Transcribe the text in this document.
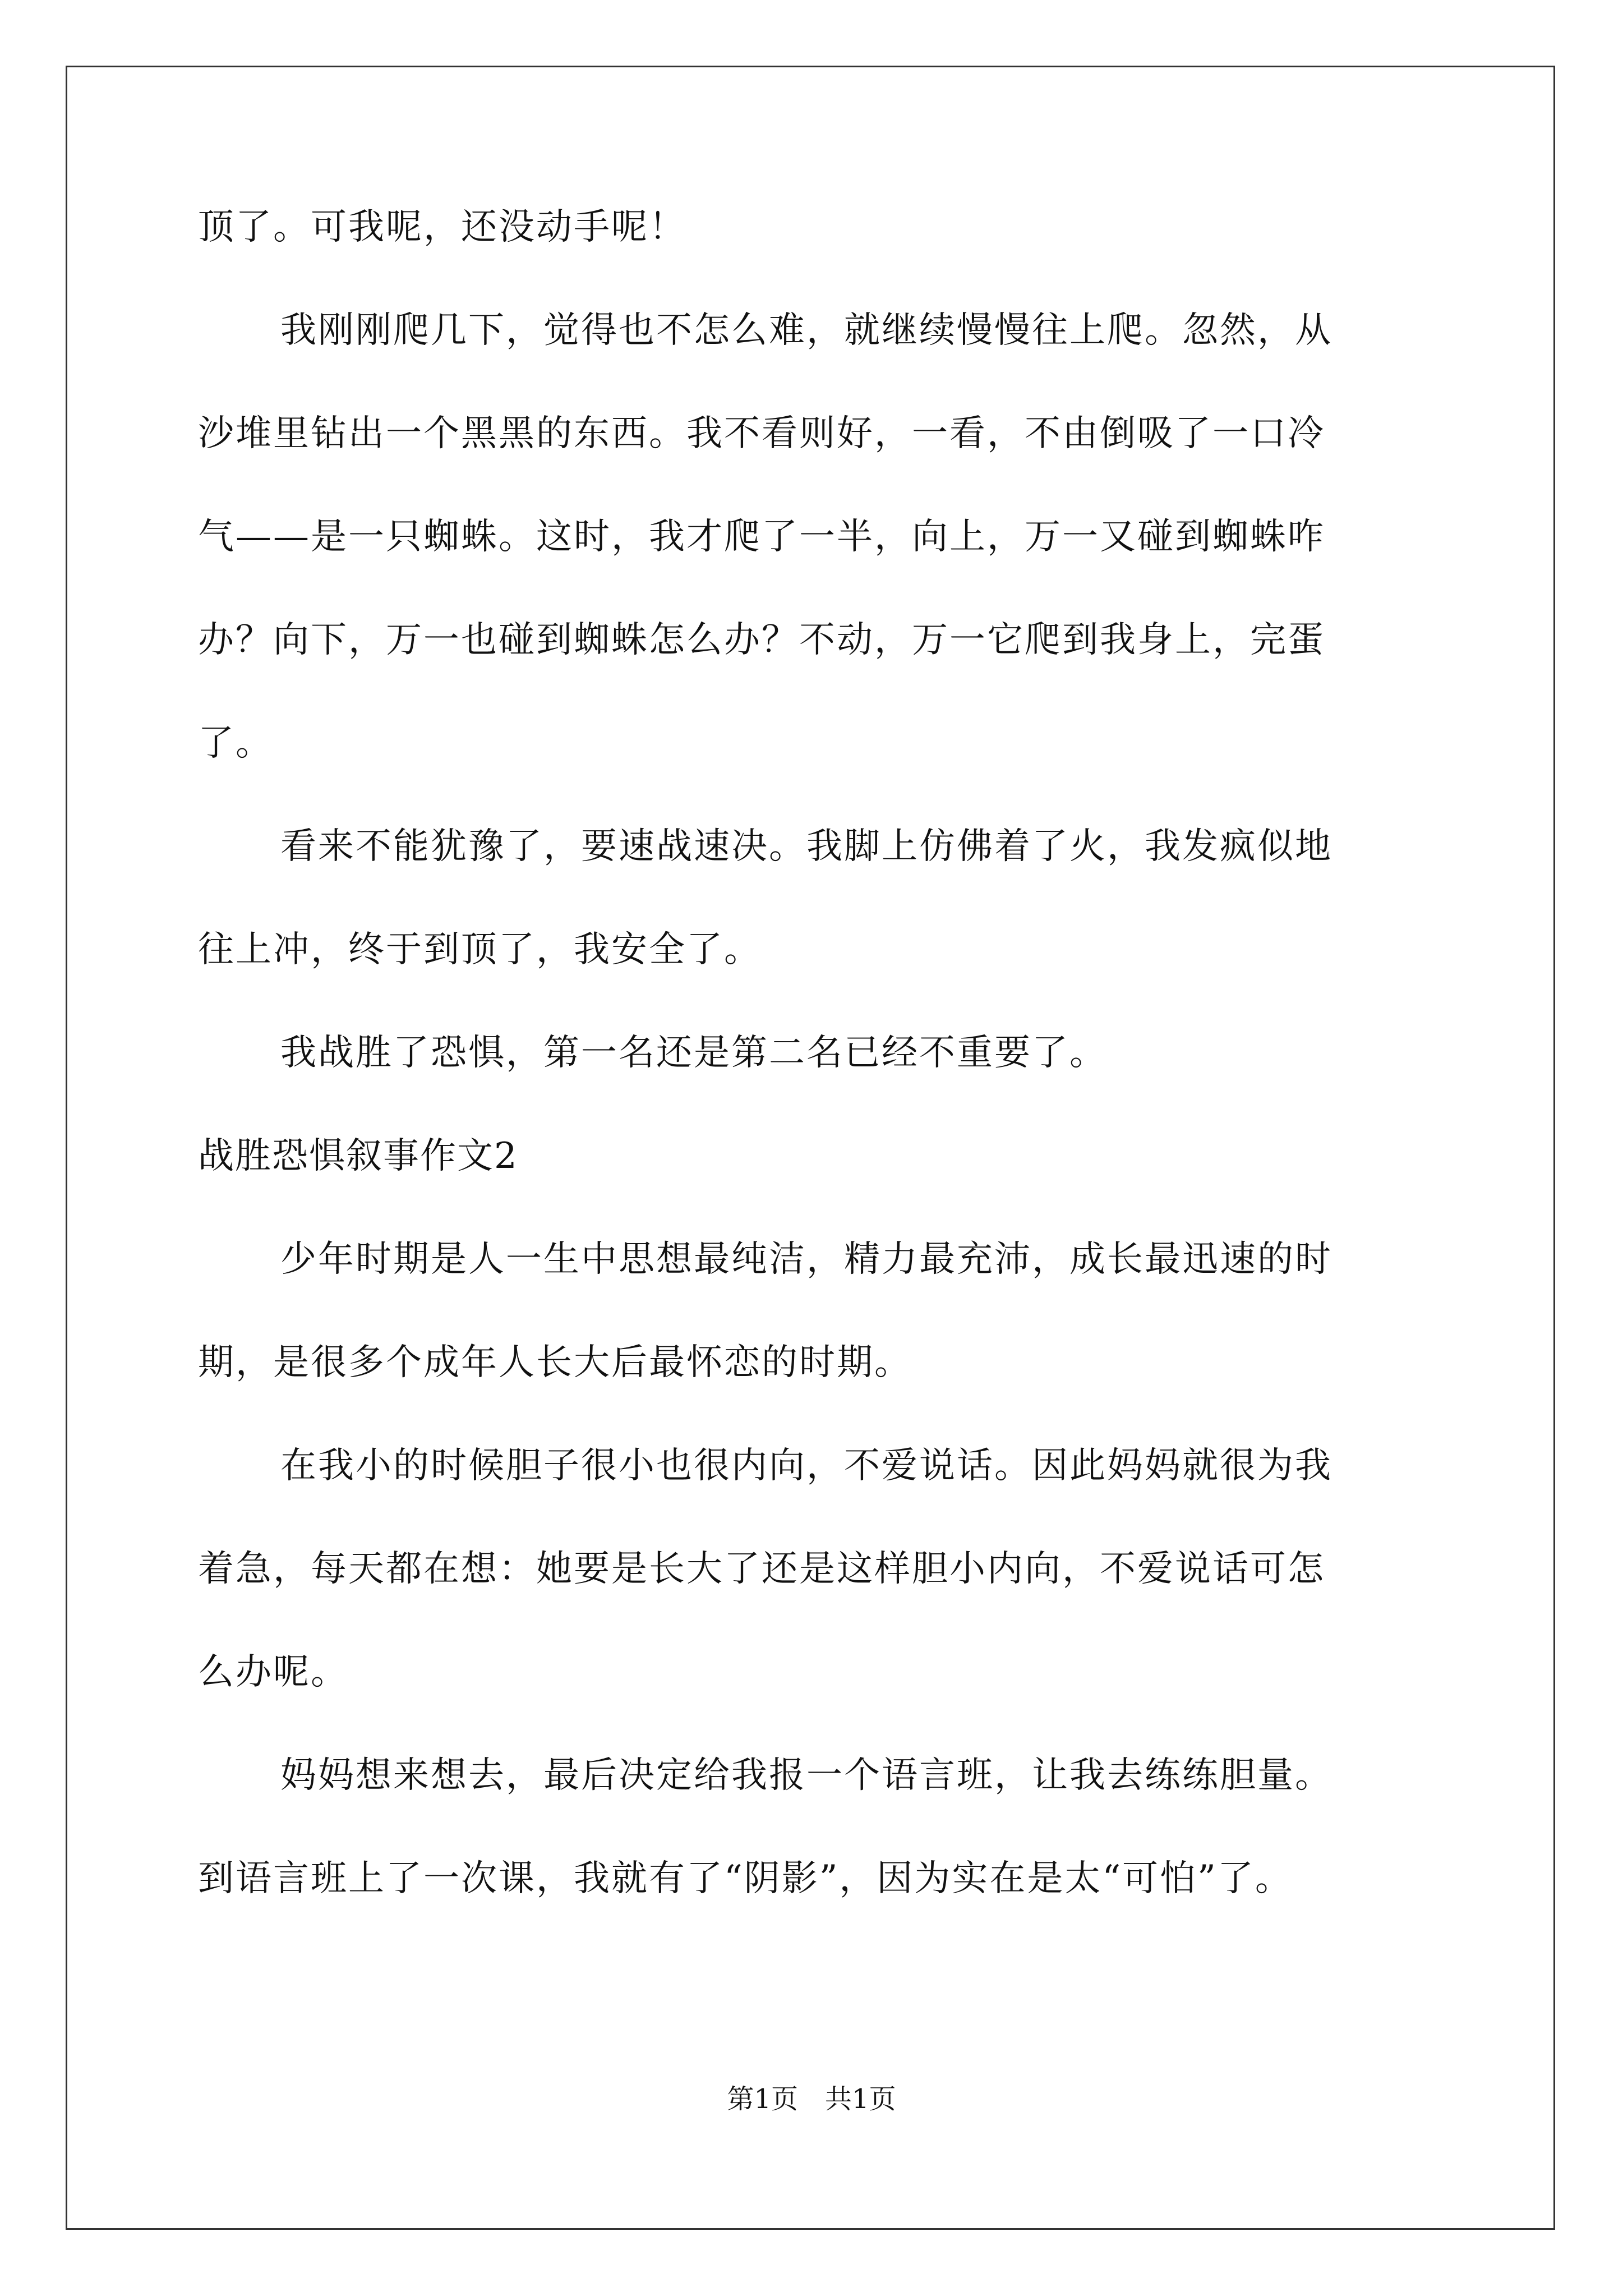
顶了。可我呢，还没动手呢！
我刚刚爬几下，觉得也不怎么难，就继续慢慢往上爬。忽然，从
沙堆里钻出一个黑黑的东西。我不看则好，一看，不由倒吸了一口冷
气——是一只蜘蛛。这时，我才爬了一半，向上，万一又碰到蜘蛛咋
办？向下，万一也碰到蜘蛛怎么办？不动，万一它爬到我身上，完蛋
了。
看来不能犹豫了，要速战速决。我脚上仿佛着了火，我发疯似地
往上冲，终于到顶了，我安全了。
我战胜了恐惧，第一名还是第二名已经不重要了。
战胜恐惧叙事作文2
少年时期是人一生中思想最纯洁，精力最充沛，成长最迅速的时
期，是很多个成年人长大后最怀恋的时期。
在我小的时候胆子很小也很内向，不爱说话。因此妈妈就很为我
着急，每天都在想：她要是长大了还是这样胆小内向，不爱说话可怎
么办呢。
妈妈想来想去，最后决定给我报一个语言班，让我去练练胆量。
到语言班上了一次课，我就有了“阴影”，因为实在是太“可怕”了。
第1页　共1页
